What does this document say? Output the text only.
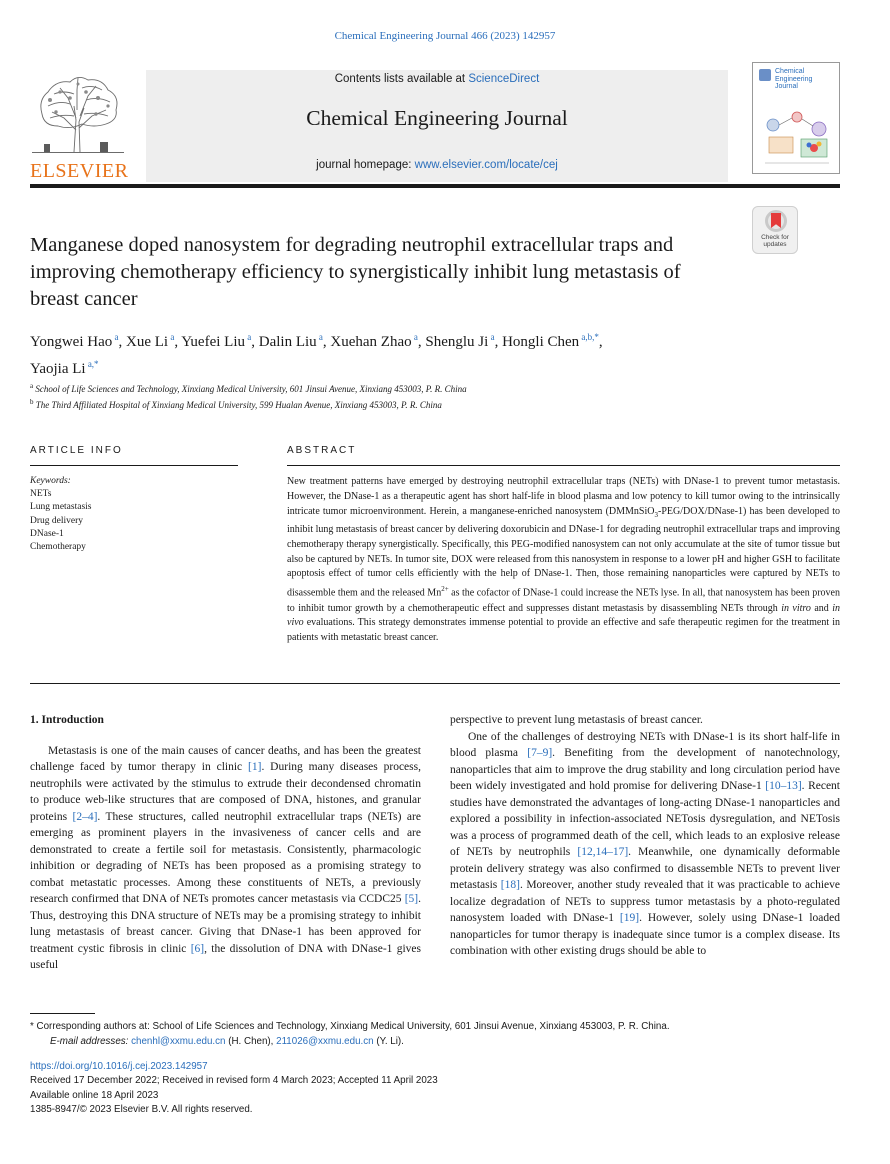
Chemical Engineering Journal 466 (2023) 142957
ELSEVIER
Contents lists available at ScienceDirect
Chemical Engineering Journal
journal homepage: www.elsevier.com/locate/cej
Chemical
Engineering
Journal
Check for updates
Manganese doped nanosystem for degrading neutrophil extracellular traps and improving chemotherapy efficiency to synergistically inhibit lung metastasis of breast cancer
Yongwei Hao $^a$, Xue Li $^a$, Yuefei Liu $^a$, Dalin Liu $^a$, Xuehan Zhao $^a$, Shenglu Ji $^a$, Hongli Chen $^{a,b,*}$,
Yaojia Li $^{a,*}$
$^a$ School of Life Sciences and Technology, Xinxiang Medical University, 601 Jinsui Avenue, Xinxiang 453003, P. R. China
$^b$ The Third Affiliated Hospital of Xinxiang Medical University, 599 Hualan Avenue, Xinxiang 453003, P. R. China
ARTICLE INFO	ABSTRACT
Keywords:
NETs
Lung metastasis
Drug delivery
DNase-1
Chemotherapy
New treatment patterns have emerged by destroying neutrophil extracellular traps (NETs) with DNase-1 to prevent tumor metastasis. However, the DNase-1 as a therapeutic agent has short half-life in blood plasma and low potency to kill tumor owing to the intrinsically intricate tumor microenvironment. Herein, a manganese-enriched nanosystem (DMMnSiO$_3$-PEG/DOX/DNase-1) has been developed to inhibit lung metastasis of breast cancer by delivering doxorubicin and DNase-1 for degrading neutrophil extracellular traps and improving chemotherapy therapy synergistically. Specifically, this PEG-modified nanosystem can not only accumulate at the site of tumor tissue but also be captured by NETs. In tumor site, DOX were released from this nanosystem in response to a lower pH and higher GSH to facilitate apoptosis effect of tumor cells efficiently with the help of DNase-1. Then, those remaining nanoparticles were captured by NETs to disassemble them and the released $Mn^{2+}$ as the cofactor of DNase-1 could increase the NETs lyse. In all, that nanosystem has been proven to inhibit tumor growth by a chemotherapeutic effect and suppresses distant metastasis by disassembling NETs through in vitro and in vivo evaluations. This strategy demonstrates immense potential to provide an effective and safe therapeutic regimen for the treatment in patients with metastatic breast cancer.
1. Introduction
Metastasis is one of the main causes of cancer deaths, and has been the greatest challenge faced by tumor therapy in clinic [1]. During many diseases process, neutrophils were activated by the stimulus to extrude their decondensed chromatin to produce web-like structures that are composed of DNA, histones, and granular proteins [2–4]. These structures, called neutrophil extracellular traps (NETs) are emerging as prominent players in the invasiveness of cancer cells and are demonstrated to create a fertile soil for metastasis. Consistently, pharmacologic inhibition or degrading of NETs has been proposed as a promising strategy to combat metastatic processes. Among these constituents of NETs, a previously research confirmed that DNA of NETs promotes cancer metastasis via CCDC25 [5]. Thus, destroying this DNA structure of NETs may be a promising strategy to inhibit lung metastasis of breast cancer. Giving that DNase-1 has been approved for treatment cystic fibrosis in clinic [6], the dissolution of DNA with DNase-1 gives useful
perspective to prevent lung metastasis of breast cancer.
One of the challenges of destroying NETs with DNase-1 is its short half-life in blood plasma [7–9]. Benefiting from the development of nanotechnology, nanoparticles that aim to improve the drug stability and long circulation period have been widely investigated and hold promise for delivering DNase-1 [10–13]. Recent studies have demonstrated the advantages of long-acting DNase-1 nanoparticles and explored a possibility in infection-associated NETosis dysregulation, and NETosis was a process of programmed death of the cell, which leads to an explosive release of NETs by neutrophils [12,14–17]. Meanwhile, one dynamically deformable protein delivery strategy was also confirmed to disassemble NETs to prevent liver metastasis [18]. Moreover, another study revealed that it was practicable to achieve localize degradation of NETs to suppress tumor metastasis by a photo-regulated nanosystem loaded with DNase-1 [19]. However, solely using DNase-1 loaded nanoparticles for tumor therapy is inadequate since tumor is a complex disease. Its combination with other existing drugs should be able to
* Corresponding authors at: School of Life Sciences and Technology, Xinxiang Medical University, 601 Jinsui Avenue, Xinxiang 453003, P. R. China.
E-mail addresses: chenhl@xxmu.edu.cn (H. Chen), 211026@xxmu.edu.cn (Y. Li).
https://doi.org/10.1016/j.cej.2023.142957
Received 17 December 2022; Received in revised form 4 March 2023; Accepted 11 April 2023
Available online 18 April 2023
1385-8947/© 2023 Elsevier B.V. All rights reserved.
